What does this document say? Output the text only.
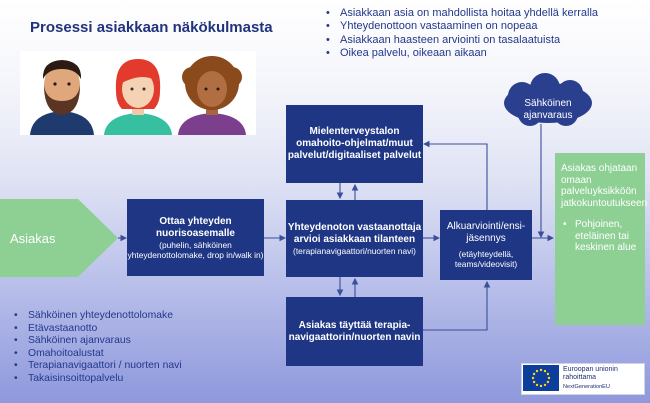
Prosessi asiakkaan näkökulmasta
• Asiakkaan asia on mahdollista hoitaa yhdellä kerralla
• Yhteydenottoon vastaaminen on nopeaa
• Asiakkaan haasteen arviointi on tasalaatuista
• Oikea palvelu, oikeaan aikaan
Asiakas
Sähköinen ajanvaraus
Ottaa yhteyden nuorisoasemalle
(puhelin, sähköinen yhteydenottolomake, drop in/walk in)
Mielenterveystalon omahoito-ohjelmat/muut palvelut/digitaaliset palvelut
Yhteydenoton vastaanottaja arvioi asiakkaan tilanteen
(terapianavigaattori/nuorten navi)
Asiakas täyttää terapia-navigaattorin/nuorten navin
Alkuarviointi/ensi-jäsennys
(etäyhteydellä, teams/videovisit)
Asiakas ohjataan omaan palveluyksikköön jatkokuntoutukseen
• Pohjoinen, eteläinen tai keskinen alue
• Sähköinen yhteydenottolomake
• Etävastaanotto
• Sähköinen ajanvaraus
• Omahoitoalustat
• Terapianavigaattori / nuorten navi
• Takaisinsoittopalvelu
Euroopan unionin rahoittama
NextGenerationEU
